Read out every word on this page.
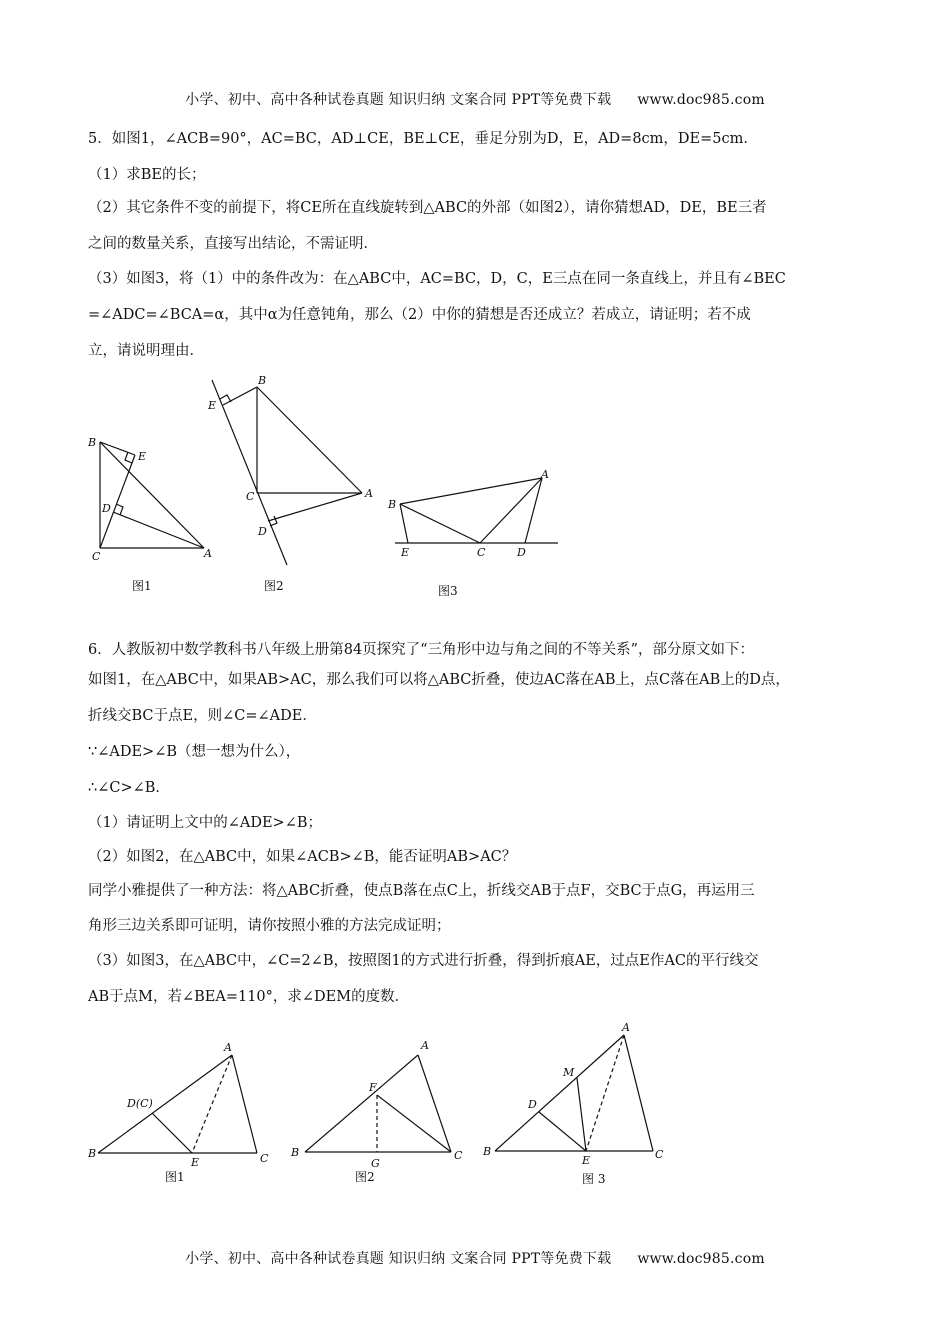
小学、初中、高中各种试卷真题 知识归纳 文案合同 PPT等免费下载 www.doc985.com
5．如图1，∠ACB=90°，AC=BC，AD⊥CE，BE⊥CE，垂足分别为D，E，AD=8cm，DE=5cm．
（1）求BE的长；
（2）其它条件不变的前提下，将CE所在直线旋转到△ABC的外部（如图2），请你猜想AD，DE，BE三者
之间的数量关系，直接写出结论，不需证明．
（3）如图3，将（1）中的条件改为：在△ABC中，AC=BC，D，C，E三点在同一条直线上，并且有∠BEC
=∠ADC=∠BCA=α，其中α为任意钝角，那么（2）中你的猜想是否还成立？若成立，请证明；若不成
立，请说明理由．
B
E
D
C	A
图1
B
E
C	A
D
图2
B
A
E	C	D
图3
6．人教版初中数学教科书八年级上册第84页探究了“三角形中边与角之间的不等关系”，部分原文如下：
如图1，在△ABC中，如果AB>AC，那么我们可以将△ABC折叠，使边AC落在AB上，点C落在AB上的D点，
折线交BC于点E，则∠C=∠ADE．
∵∠ADE>∠B（想一想为什么），
∴∠C>∠B．
（1）请证明上文中的∠ADE>∠B；
（2）如图2，在△ABC中，如果∠ACB>∠B，能否证明AB>AC？
同学小雅提供了一种方法：将△ABC折叠，使点B落在点C上，折线交AB于点F，交BC于点G，再运用三
角形三边关系即可证明，请你按照小雅的方法完成证明；
（3）如图3，在△ABC中，∠C=2∠B，按照图1的方式进行折叠，得到折痕AE，过点E作AC的平行线交
AB于点M，若∠BEA=110°，求∠DEM的度数．
A
D(C)
B
E	C
图1
A
F
B
G
C
图2
A
M
D
B
E	C
图 3
小学、初中、高中各种试卷真题 知识归纳 文案合同 PPT等免费下载 www.doc985.com
